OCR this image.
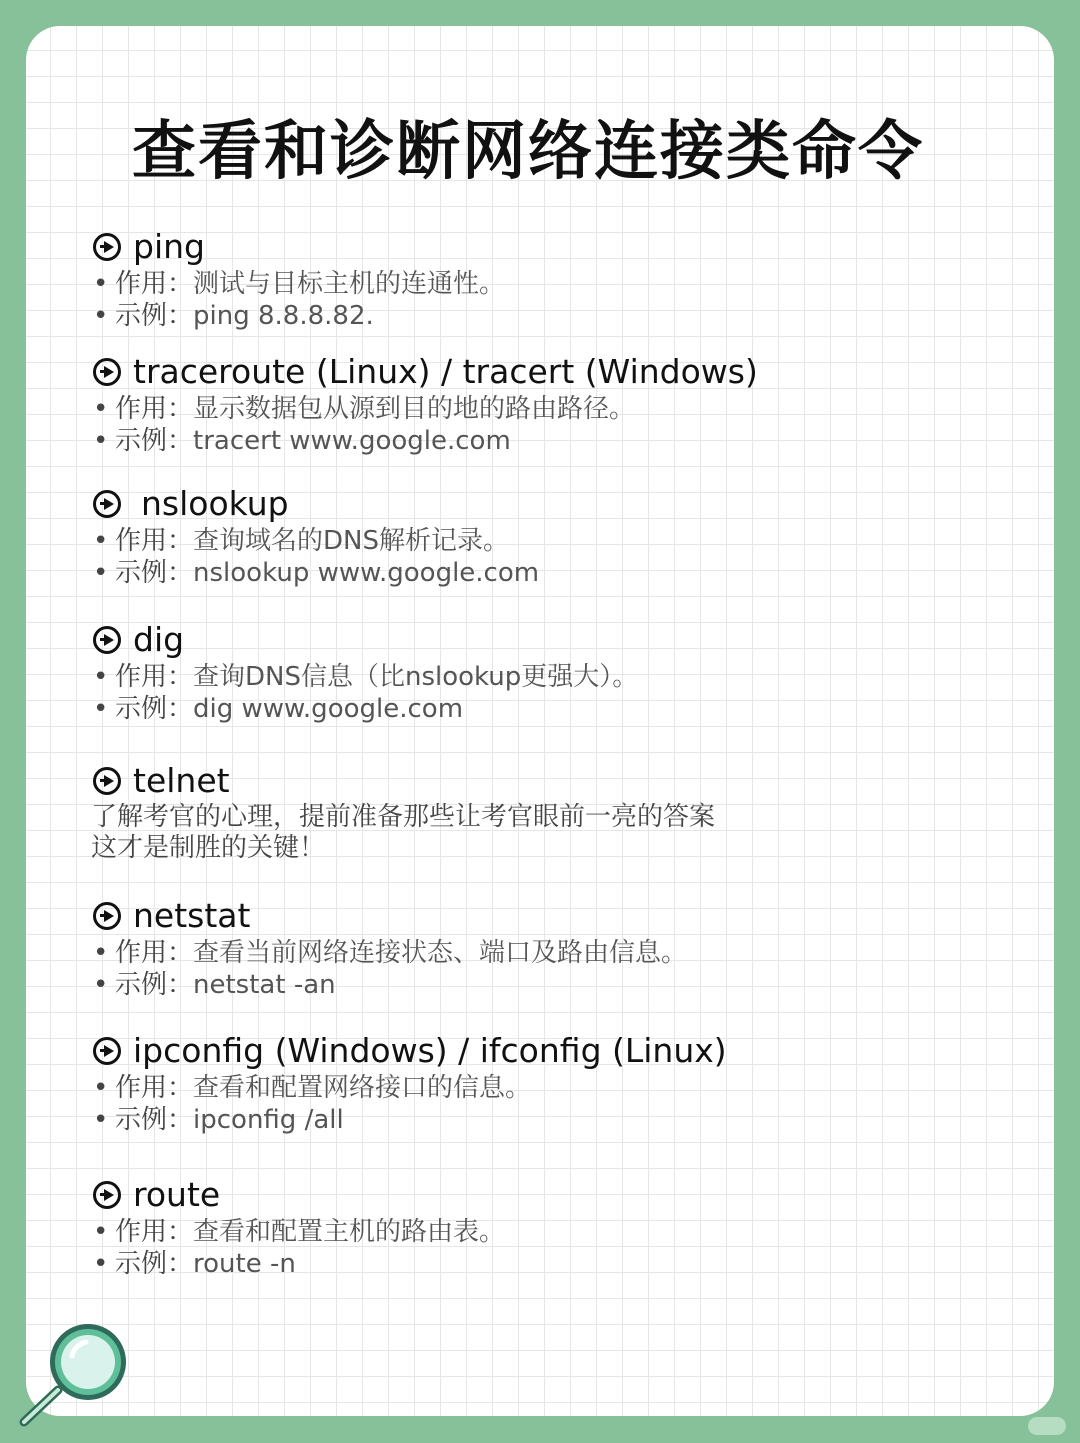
查看和诊断网络连接类命令
ping
• 作用：测试与目标主机的连通性。
• 示例：ping 8.8.8.82.
traceroute (Linux) / tracert (Windows)
• 作用：显示数据包从源到目的地的路由路径。
• 示例：tracert www.google.com
nslookup
• 作用：查询域名的DNS解析记录。
• 示例：nslookup www.google.com
dig
• 作用：查询DNS信息（比nslookup更强大）。
• 示例：dig www.google.com
telnet
了解考官的心理，提前准备那些让考官眼前一亮的答案
这才是制胜的关键！
netstat
• 作用：查看当前网络连接状态、端口及路由信息。
• 示例：netstat -an
ipconfig (Windows) / ifconfig (Linux)
• 作用：查看和配置网络接口的信息。
• 示例：ipconfig /all
route
• 作用：查看和配置主机的路由表。
• 示例：route -n
